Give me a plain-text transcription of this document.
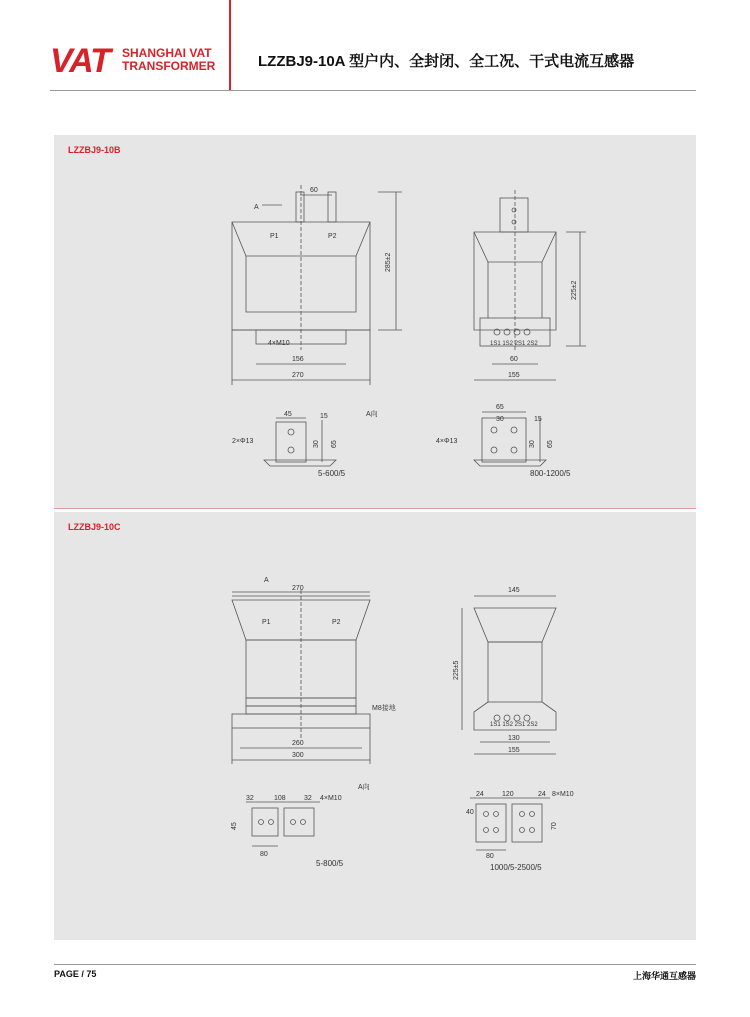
VAT SHANGHAI VAT
TRANSFORMER	LZZBJ9-10A 型户内、全封闭、全工况、干式电流互感器
LZZBJ9-10B
LZZBJ9-10C
A
P1	P2
60
285±2
4×M10
156
270
225±2
1S1 1S2 2S1 2S2
60
155
45	15
30 65
2×Φ13
A向
5-600/5
65
30	15
30 65
4×Φ13
800-1200/5
A
270
P1	P2
M8接地
260
300
145
225±5
1S1 1S2 2S1 2S2
130
155
32	108	32 4×M10
A向
45
80
5-800/5
24	120	24 8×M10
40
70
80
1000/5-2500/5
PAGE / 75	上海华通互感器
